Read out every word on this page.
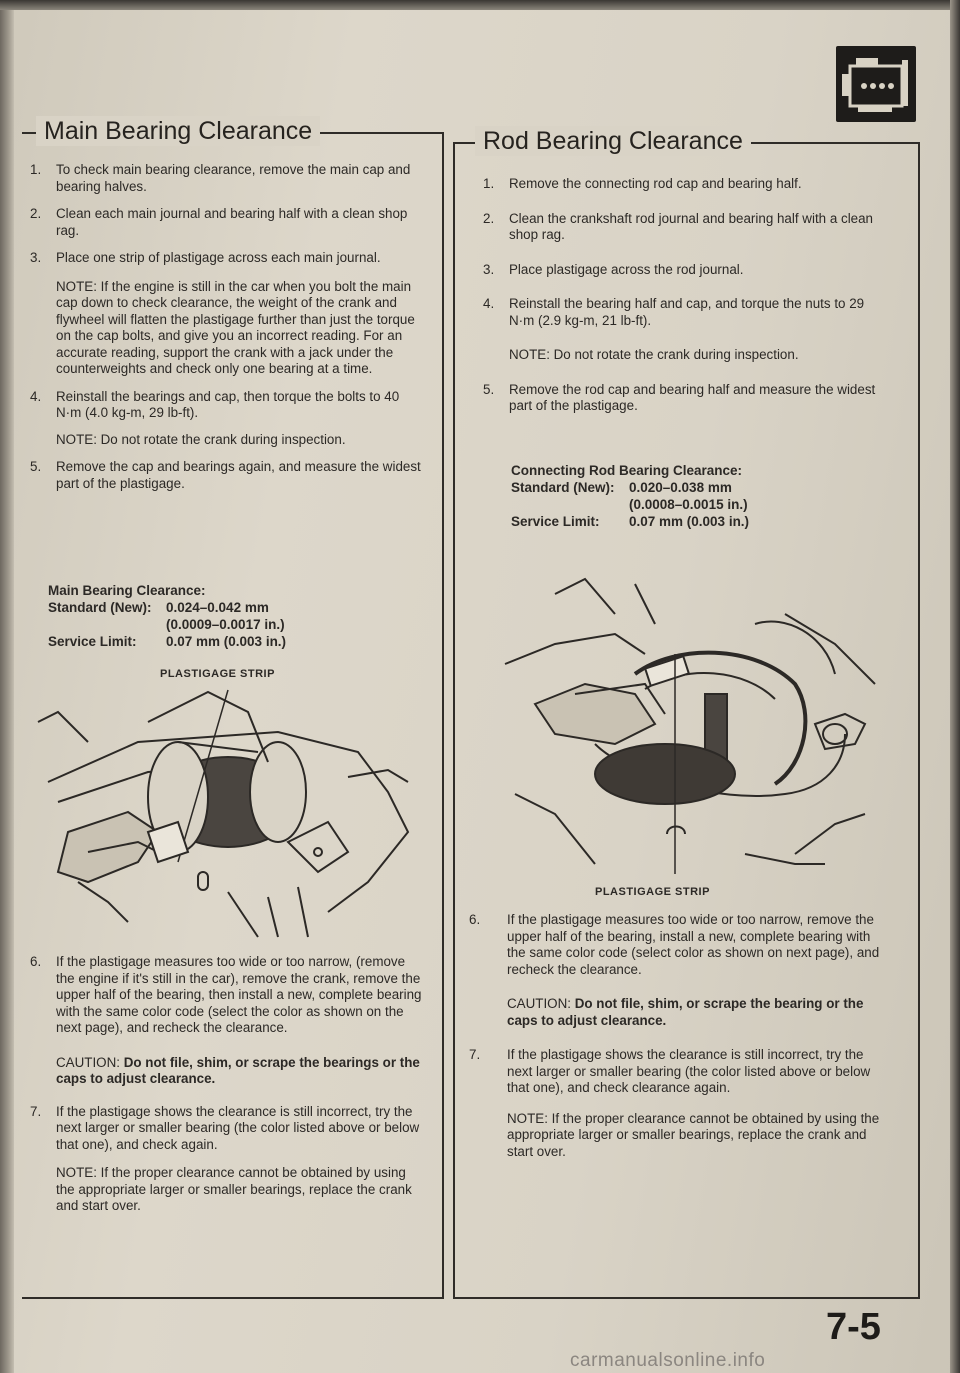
Main Bearing Clearance
1. To check main bearing clearance, remove the main cap and bearing halves.
2. Clean each main journal and bearing half with a clean shop rag.
3. Place one strip of plastigage across each main journal.
NOTE: If the engine is still in the car when you bolt the main cap down to check clearance, the weight of the crank and flywheel will flatten the plastigage further than just the torque on the cap bolts, and give you an incorrect reading. For an accurate reading, support the crank with a jack under the counterweights and check only one bearing at a time.
4. Reinstall the bearings and cap, then torque the bolts to 40 N·m (4.0 kg-m, 29 lb-ft).
NOTE: Do not rotate the crank during inspection.
5. Remove the cap and bearings again, and measure the widest part of the plastigage.
Main Bearing Clearance:
Standard (New):	0.024–0.042 mm
(0.0009–0.0017 in.)
Service Limit:	0.07 mm (0.003 in.)
PLASTIGAGE STRIP
6. If the plastigage measures too wide or too narrow, (remove the engine if it's still in the car), remove the crank, remove the upper half of the bearing, then install a new, complete bearing with the same color code (select the color as shown on the next page), and recheck the clearance.
CAUTION: Do not file, shim, or scrape the bearings or the caps to adjust clearance.
7. If the plastigage shows the clearance is still incorrect, try the next larger or smaller bearing (the color listed above or below that one), and check again.
NOTE: If the proper clearance cannot be obtained by using the appropriate larger or smaller bearings, replace the crank and start over.
Rod Bearing Clearance
1. Remove the connecting rod cap and bearing half.
2. Clean the crankshaft rod journal and bearing half with a clean shop rag.
3. Place plastigage across the rod journal.
4. Reinstall the bearing half and cap, and torque the nuts to 29 N·m (2.9 kg-m, 21 lb-ft).
NOTE: Do not rotate the crank during inspection.
5. Remove the rod cap and bearing half and measure the widest part of the plastigage.
Connecting Rod Bearing Clearance:
Standard (New):	0.020–0.038 mm
(0.0008–0.0015 in.)
Service Limit:	0.07 mm (0.003 in.)
PLASTIGAGE STRIP
6. If the plastigage measures too wide or too narrow, remove the upper half of the bearing, install a new, complete bearing with the same color code (select color as shown on next page), and recheck the clearance.
CAUTION: Do not file, shim, or scrape the bearing or the caps to adjust clearance.
7. If the plastigage shows the clearance is still incorrect, try the next larger or smaller bearing (the color listed above or below that one), and check clearance again.
NOTE: If the proper clearance cannot be obtained by using the appropriate larger or smaller bearings, replace the crank and start over.
7-5
carmanualsonline.info
